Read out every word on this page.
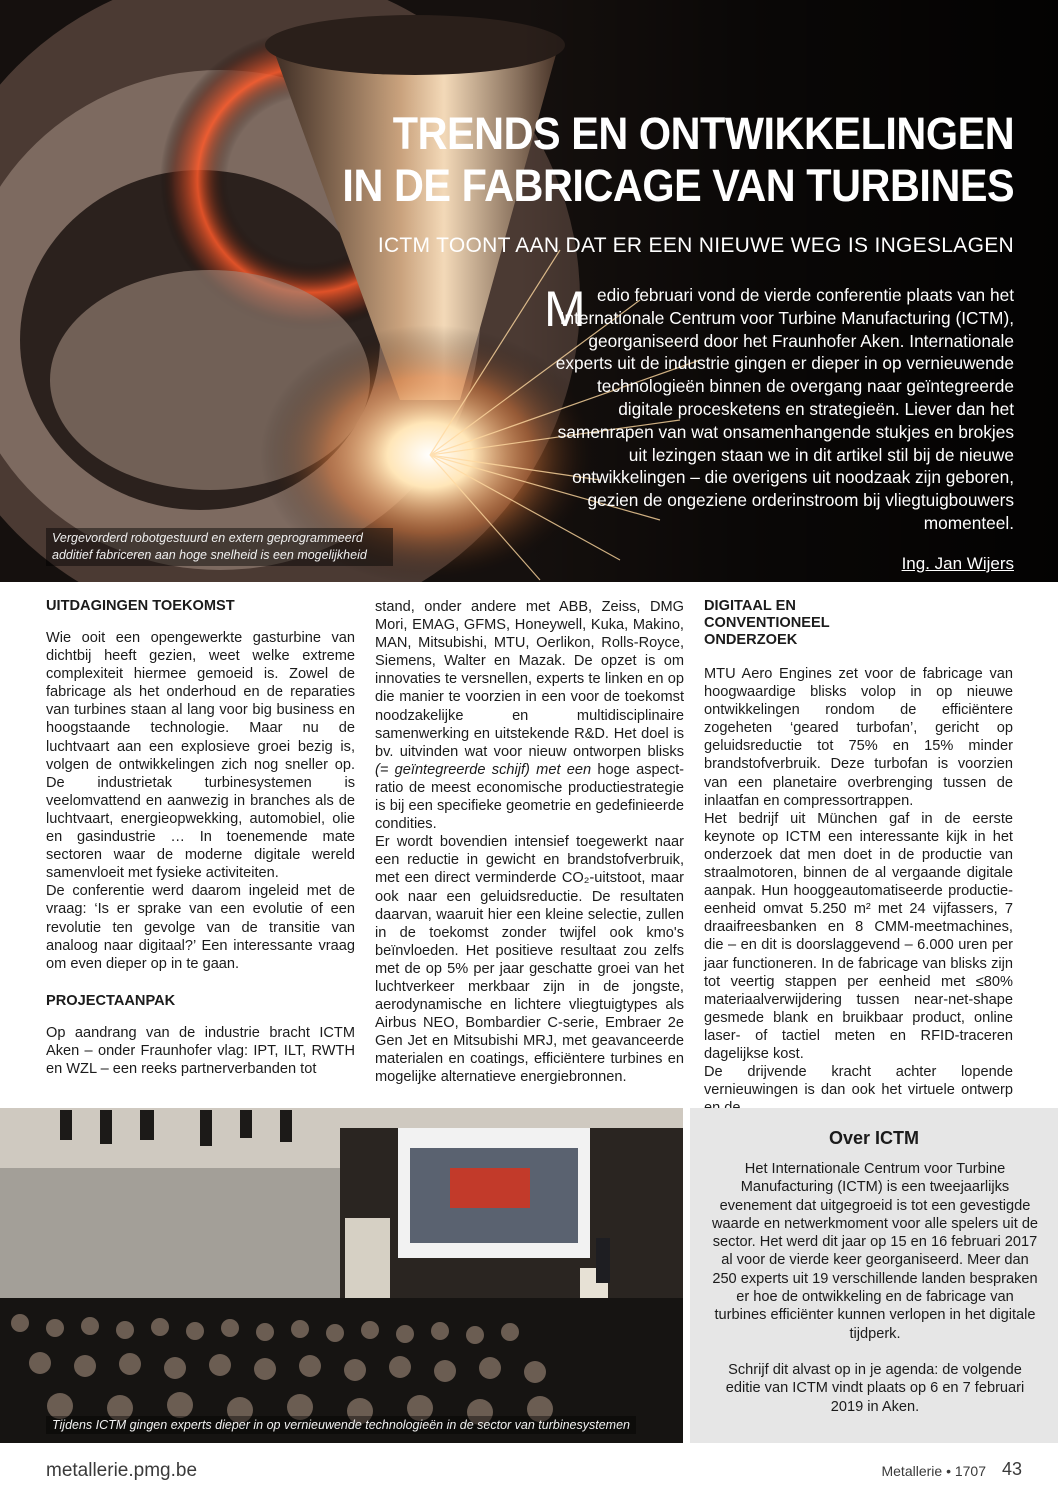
TRENDS EN ONTWIKKELINGEN
IN DE FABRICAGE VAN TURBINES
ICTM TOONT AAN DAT ER EEN NIEUWE WEG IS INGESLAGEN
M edio februari vond de vierde conferentie plaats van het Internationale Centrum voor Turbine Manufacturing (ICTM), georganiseerd door het Fraunhofer Aken. Internationale experts uit de industrie gingen er dieper in op vernieuwende technologieën binnen de overgang naar geïntegreerde digitale procesketens en strategieën. Liever dan het samenrapen van wat onsamenhangende stukjes en brokjes uit lezingen staan we in dit artikel stil bij de nieuwe ontwikkelingen – die overigens uit noodzaak zijn geboren, gezien de ongeziene orderinstroom bij vliegtuigbouwers momenteel.
Ing. Jan Wijers
Vergevorderd robotgestuurd en extern geprogrammeerd additief fabriceren aan hoge snelheid is een mogelijkheid
UITDAGINGEN TOEKOMST

Wie ooit een opengewerkte gasturbine van dichtbij heeft gezien, weet welke extreme complexiteit hiermee gemoeid is. Zowel de fabricage als het onderhoud en de reparaties van turbines staan al lang voor big business en hoogstaande technologie. Maar nu de luchtvaart aan een explosieve groei bezig is, volgen de ontwikkelingen zich nog sneller op. De industrietak turbinesystemen is veelomvattend en aanwezig in branches als de luchtvaart, energieopwekking, automobiel, olie en gasindustrie … In toenemende mate sectoren waar de moderne digitale wereld samenvloeit met fysieke activiteiten.

De conferentie werd daarom ingeleid met de vraag: ‘Is er sprake van een evolutie of een revolutie ten gevolge van de transitie van analoog naar digitaal?’ Een interessante vraag om even dieper op in te gaan.

PROJECTAANPAK

Op aandrang van de industrie bracht ICTM Aken – onder Fraunhofer vlag: IPT, ILT, RWTH en WZL – een reeks partnerverbanden tot

stand, onder andere met ABB, Zeiss, DMG Mori, EMAG, GFMS, Honeywell, Kuka, Makino, MAN, Mitsubishi, MTU, Oerlikon, Rolls-Royce, Siemens, Walter en Mazak. De opzet is om innovaties te versnellen, experts te linken en op die manier te voorzien in een voor de toekomst noodzakelijke en multidisciplinaire samenwerking en uitstekende R&D. Het doel is bv. uitvinden wat voor nieuw ontworpen blisks (= geïntegreerde schijf) met een hoge aspect-ratio de meest economische productiestrategie is bij een specifieke geometrie en gedefinieerde condities.

Er wordt bovendien intensief toegewerkt naar een reductie in gewicht en brandstofverbruik, met een direct verminderde CO₂-uitstoot, maar ook naar een geluidsreductie. De resultaten daarvan, waaruit hier een kleine selectie, zullen in de toekomst zonder twijfel ook kmo's beïnvloeden. Het positieve resultaat zou zelfs met de op 5% per jaar geschatte groei van het luchtverkeer merkbaar zijn in de jongste, aerodynamische en lichtere vliegtuigtypes als Airbus NEO, Bombardier C-serie, Embraer 2e Gen Jet en Mitsubishi MRJ, met geavanceerde materialen en coatings, efficiëntere turbines en mogelijke alternatieve energiebronnen.

DIGITAAL EN CONVENTIONEEL ONDERZOEK

MTU Aero Engines zet voor de fabricage van hoogwaardige blisks volop in op nieuwe ontwikkelingen rondom de efficiëntere zogeheten ‘geared turbofan’, gericht op geluidsreductie tot 75% en 15% minder brandstofverbruik. Deze turbofan is voorzien van een planetaire overbrenging tussen de inlaatfan en compressortrappen.

Het bedrijf uit München gaf in de eerste keynote op ICTM een interessante kijk in het onderzoek dat men doet in de productie van straalmotoren, binnen de al vergaande digitale aanpak. Hun hooggeautomatiseerde productie-eenheid omvat 5.250 m² met 24 vijfassers, 7 draaifreesbanken en 8 CMM-meetmachines, die – en dit is doorslaggevend – 6.000 uren per jaar functioneren. In de fabricage van blisks zijn tot veertig stappen per eenheid met ≤80% materiaalverwijdering tussen near-net-shape gesmede blank en bruikbaar product, online laser- of tactiel meten en RFID-traceren dagelijkse kost.

De drijvende kracht achter lopende vernieuwingen is dan ook het virtuele ontwerp

Tijdens ICTM gingen experts dieper in op vernieuwende technologieën in de sector van turbinesystemen
Over ICTM

Het Internationale Centrum voor Turbine Manufacturing (ICTM) is een tweejaarlijks evenement dat uitgegroeid is tot een gevestigde waarde en netwerkmoment voor alle spelers uit de sector. Het werd dit jaar op 15 en 16 februari 2017 al voor de vierde keer georganiseerd. Meer dan 250 experts uit 19 verschillende landen bespraken er hoe de ontwikkeling en de fabricage van turbines efficiënter kunnen verlopen in het digitale tijdperk.

Schrijf dit alvast op in je agenda: de volgende editie van ICTM vindt plaats op 6 en 7 februari 2019 in Aken.

metallerie.pmg.be	Metallerie • 1707 43
